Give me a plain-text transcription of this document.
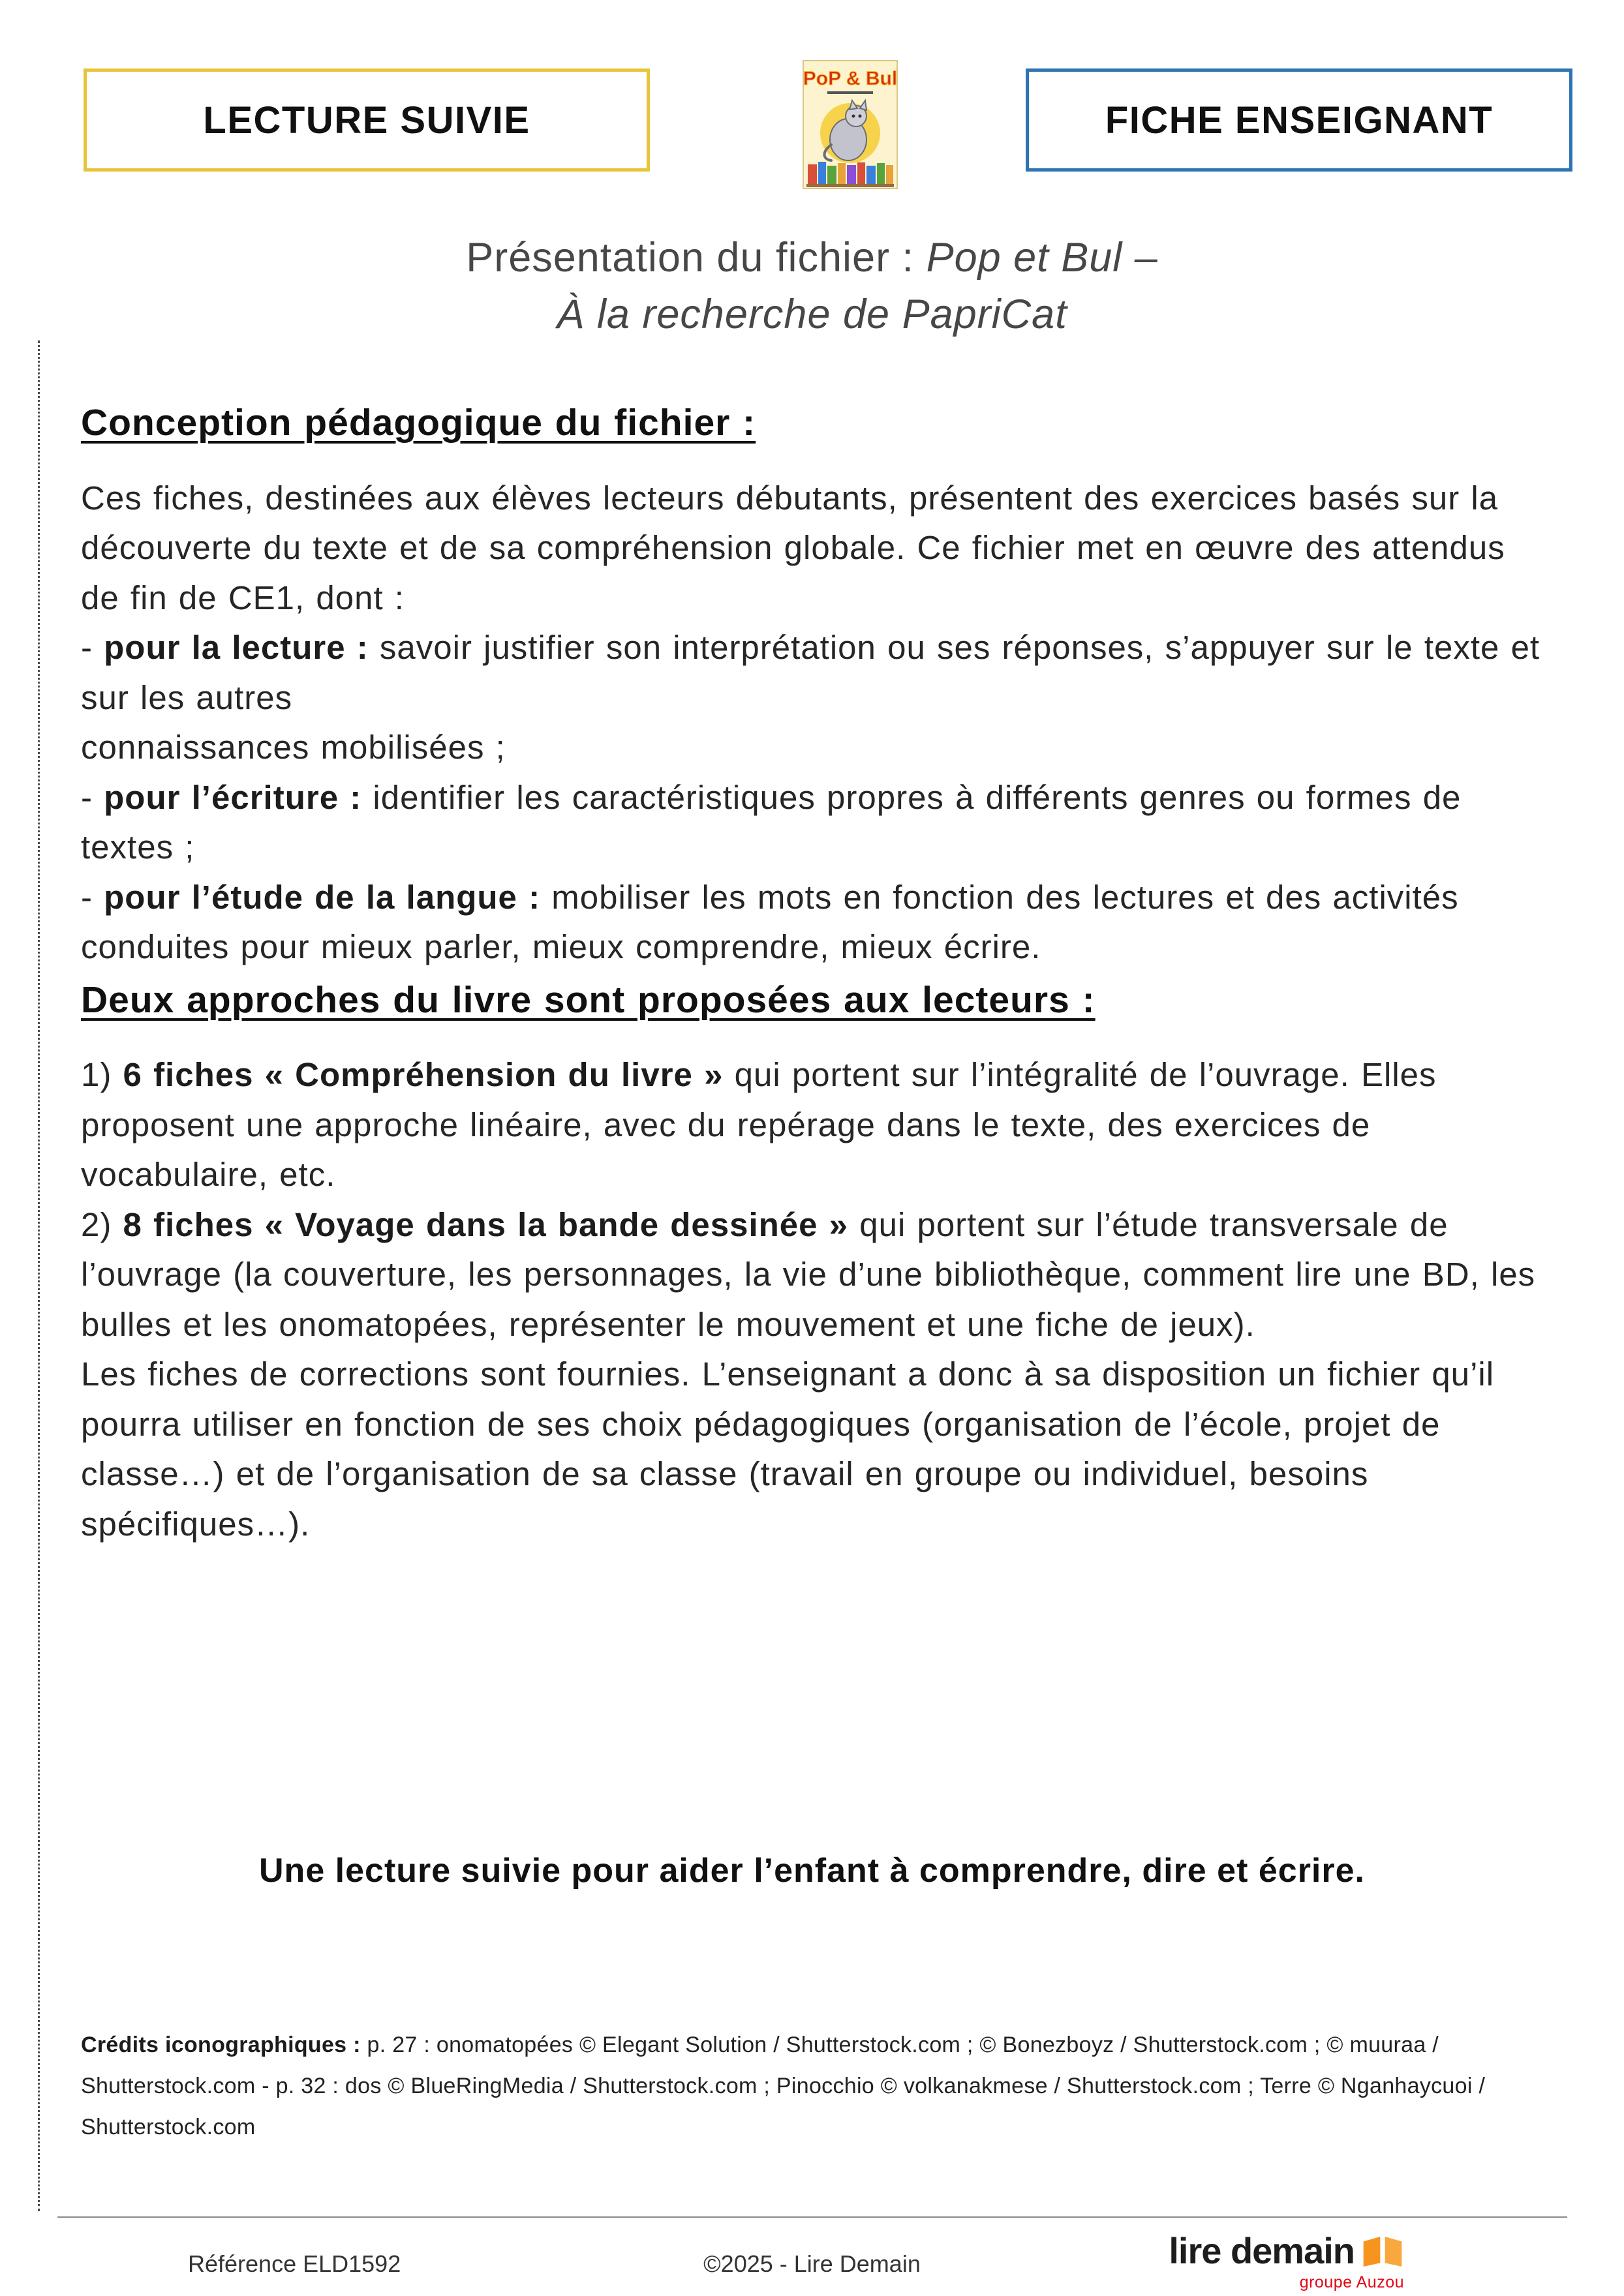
LECTURE SUIVIE
PoP & Bul
FICHE ENSEIGNANT
Présentation du fichier : Pop et Bul –
À la recherche de PapriCat
Conception pédagogique du fichier :

Ces fiches, destinées aux élèves lecteurs débutants, présentent des exercices basés sur la découverte du texte et de sa compréhension globale. Ce fichier met en œuvre des attendus de fin de CE1, dont :
- pour la lecture : savoir justifier son interprétation ou ses réponses, s’appuyer sur le texte et sur les autres
connaissances mobilisées ;
- pour l’écriture : identifier les caractéristiques propres à différents genres ou formes de textes ;
- pour l’étude de la langue : mobiliser les mots en fonction des lectures et des activités conduites pour mieux parler, mieux comprendre, mieux écrire.

Deux approches du livre sont proposées aux lecteurs :

1) 6 fiches « Compréhension du livre » qui portent sur l’intégralité de l’ouvrage. Elles proposent une approche linéaire, avec du repérage dans le texte, des exercices de vocabulaire, etc.

2) 8 fiches « Voyage dans la bande dessinée » qui portent sur l’étude transversale de l’ouvrage (la couverture, les personnages, la vie d’une bibliothèque, comment lire une BD, les bulles et les onomatopées, représenter le mouvement et une fiche de jeux).

Les fiches de corrections sont fournies. L’enseignant a donc à sa disposition un fichier qu’il pourra utiliser en fonction de ses choix pédagogiques (organisation de l’école, projet de classe…) et de l’organisation de sa classe (travail en groupe ou individuel, besoins spécifiques…).

Une lecture suivie pour aider l’enfant à comprendre, dire et écrire.
Crédits iconographiques : p. 27 : onomatopées © Elegant Solution / Shutterstock.com ; © Bonezboyz / Shutterstock.com ; © muuraa / Shutterstock.com - p. 32 : dos © BlueRingMedia / Shutterstock.com ; Pinocchio © volkanakmese / Shutterstock.com ; Terre © Nganhaycuoi / Shutterstock.com
Référence ELD1592	©2025 - Lire Demain	lire demain
groupe Auzou
